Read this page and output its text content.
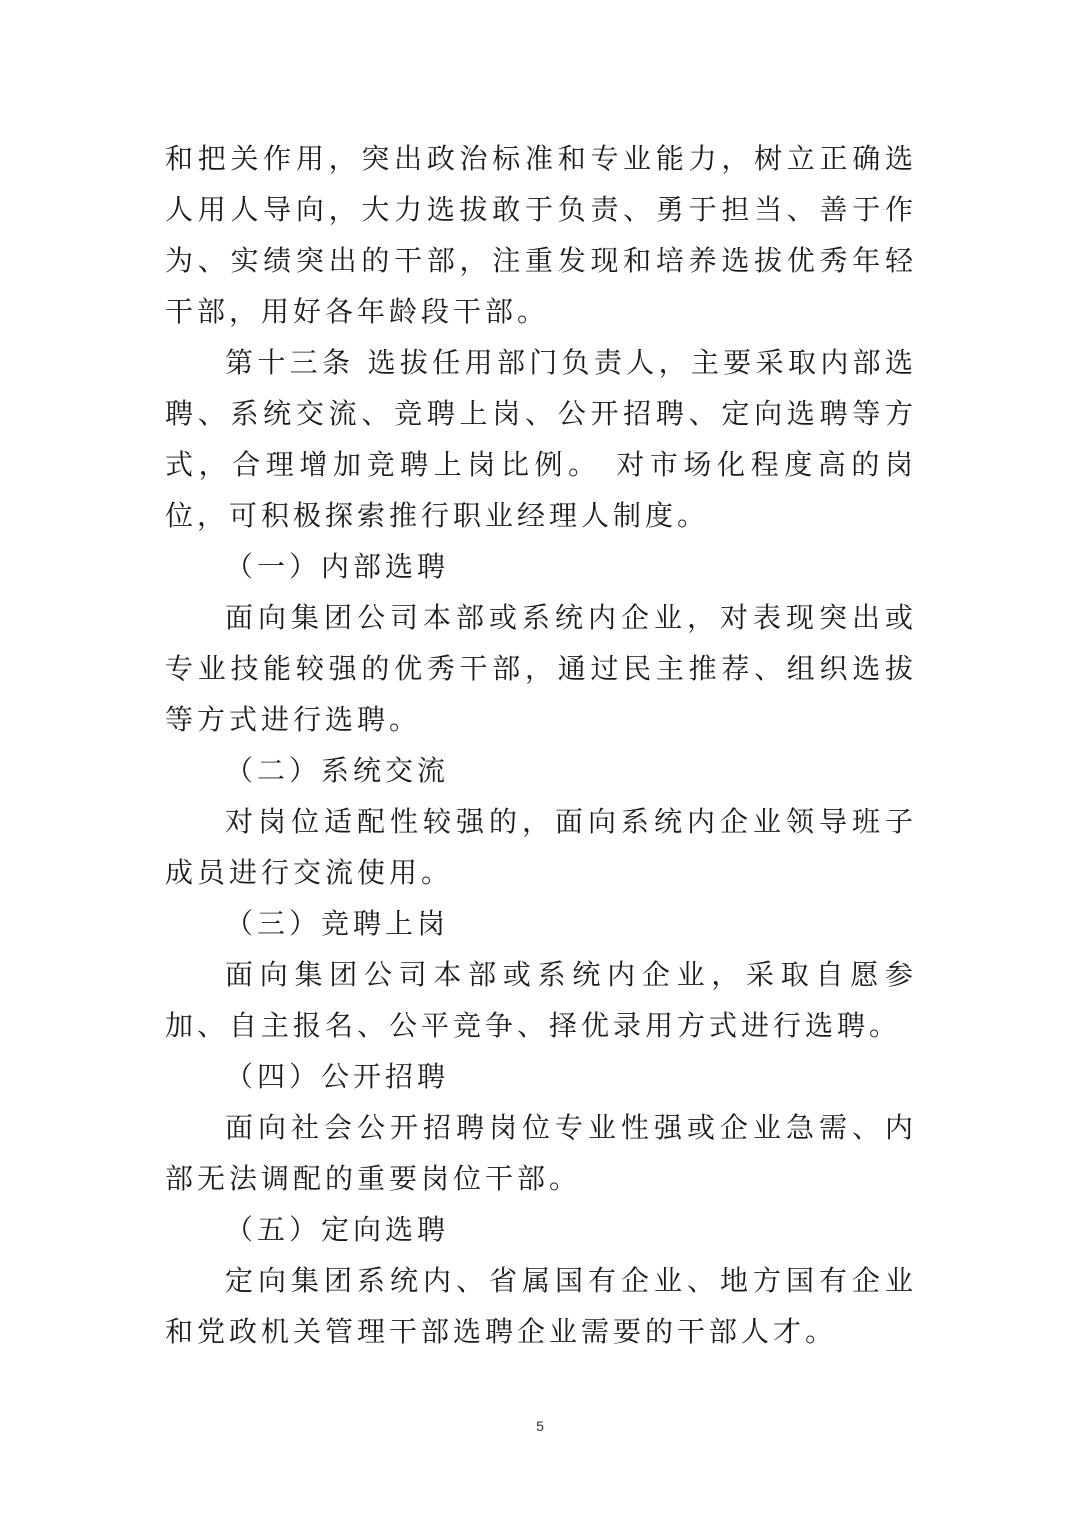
和把关作用，突出政治标准和专业能力，树立正确选人用人导向，大力选拔敢于负责、勇于担当、善于作为、实绩突出的干部，注重发现和培养选拔优秀年轻干部，用好各年龄段干部。

第十三条 选拔任用部门负责人，主要采取内部选聘、系统交流、竞聘上岗、公开招聘、定向选聘等方式，合理增加竞聘上岗比例。 对市场化程度高的岗位，可积极探索推行职业经理人制度。

（一）内部选聘

面向集团公司本部或系统内企业，对表现突出或专业技能较强的优秀干部，通过民主推荐、组织选拔等方式进行选聘。

（二）系统交流

对岗位适配性较强的，面向系统内企业领导班子成员进行交流使用。

（三）竞聘上岗

面向集团公司本部或系统内企业，采取自愿参加、自主报名、公平竞争、择优录用方式进行选聘。

（四）公开招聘

面向社会公开招聘岗位专业性强或企业急需、内部无法调配的重要岗位干部。

（五）定向选聘

定向集团系统内、省属国有企业、地方国有企业和党政机关管理干部选聘企业需要的干部人才。

5
